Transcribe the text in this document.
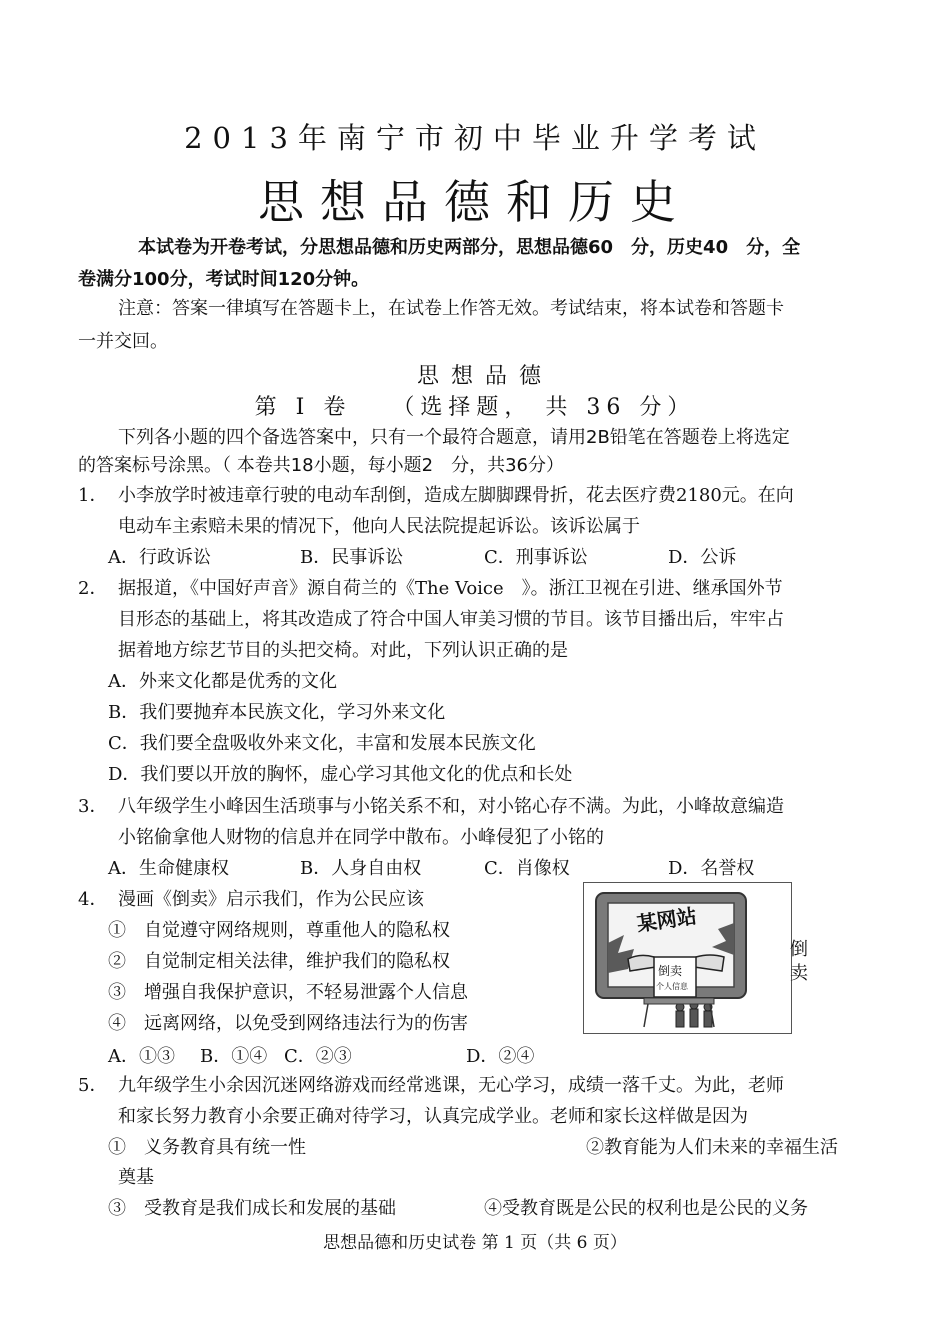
2013年南宁市初中毕业升学考试
思想品德和历史
本试卷为开卷考试，分思想品德和历史两部分，思想品德60　分，历史40　分，全
卷满分100分，考试时间120分钟。
注意：答案一律填写在答题卡上，在试卷上作答无效。考试结束，将本试卷和答题卡
一并交回。
思想品德
第 Ⅰ 卷　 （选择题， 共 36 分）
下列各小题的四个备选答案中，只有一个最符合题意，请用2B铅笔在答题卷上将选定
的答案标号涂黑。（ 本卷共18小题，每小题2　分，共36分）
1． 小李放学时被违章行驶的电动车刮倒，造成左脚脚踝骨折，花去医疗费2180元。在向
电动车主索赔未果的情况下，他向人民法院提起诉讼。该诉讼属于
A．行政诉讼	B．民事诉讼	C．刑事诉讼	D．公诉
2． 据报道，《中国好声音》源自荷兰的《The Voice　》。浙江卫视在引进、继承国外节
目形态的基础上，将其改造成了符合中国人审美习惯的节目。该节目播出后，牢牢占
据着地方综艺节目的头把交椅。对此，下列认识正确的是
A．外来文化都是优秀的文化
B．我们要抛弃本民族文化，学习外来文化
C．我们要全盘吸收外来文化，丰富和发展本民族文化
D．我们要以开放的胸怀，虚心学习其他文化的优点和长处
3． 八年级学生小峰因生活琐事与小铭关系不和，对小铭心存不满。为此，小峰故意编造
小铭偷拿他人财物的信息并在同学中散布。小峰侵犯了小铭的
A．生命健康权	B．人身自由权	C．肖像权	D．名誉权
4． 漫画《倒卖》启示我们，作为公民应该
①　自觉遵守网络规则，尊重他人的隐私权
②　自觉制定相关法律，维护我们的隐私权
③　增强自我保护意识，不轻易泄露个人信息
④　远离网络，以免受到网络违法行为的伤害
A．①③ B．①④ C．②③	D．②④
某网站
倒卖
个人信息
倒
卖
5． 九年级学生小余因沉迷网络游戏而经常逃课，无心学习，成绩一落千丈。为此，老师
和家长努力教育小余要正确对待学习，认真完成学业。老师和家长这样做是因为
①　义务教育具有统一性	②教育能为人们未来的幸福生活
奠基
③　受教育是我们成长和发展的基础	④受教育既是公民的权利也是公民的义务
思想品德和历史试卷 第 1 页（共 6 页）
